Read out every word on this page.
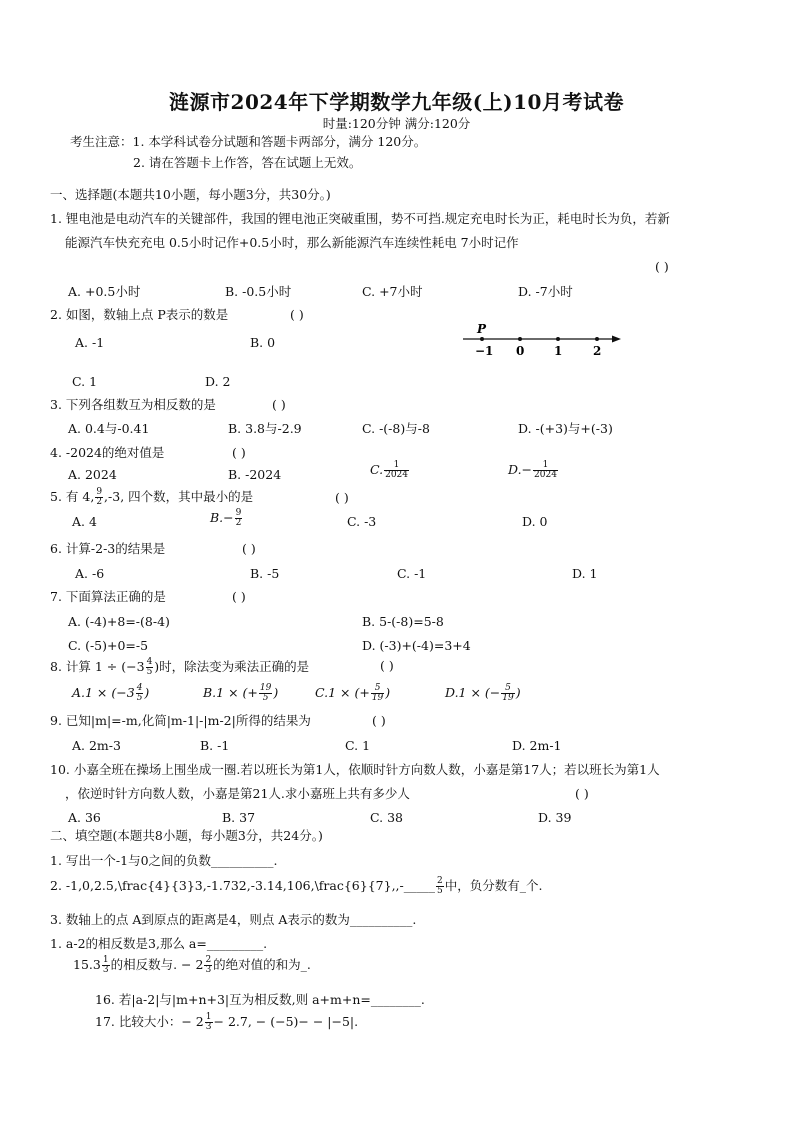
涟源市2024年下学期数学九年级(上)10月考试卷
时量:120分钟 满分:120分
考生注意：1. 本学科试卷分试题和答题卡两部分，满分 120分。
2. 请在答题卡上作答，答在试题上无效。
一、选择题(本题共10小题，每小题3分，共30分。)
1. 锂电池是电动汽车的关键部件，我国的锂电池正突破重围，势不可挡.规定充电时长为正，耗电时长为负，若新
能源汽车快充充电 0.5小时记作+0.5小时，那么新能源汽车连续性耗电 7小时记作
( )
A. +0.5小时	B. -0.5小时	C. +7小时	D. -7小时
2. 如图，数轴上点 P表示的数是	( )
A. -1	B. 0
C. 1	D. 2
P
−1 0 1	2
3. 下列各组数互为相反数的是	( )
A. 0.4与-0.41	B. 3.8与-2.9	C. -(-8)与-8	D. -(+3)与+(-3)
4. -2024的绝对值是	( )
A. 2024	B. -2024	C. $\frac{1}{2024}$	$D.- \frac{1}{2024}$
5. 有 4, $\frac{9}{2} ,-3$, 四个数，其中最小的是	( )
A. 4	$B.- \frac{9}{2}$	C. -3	D. 0
6. 计算-2-3的结果是	( )
A. -6	B. -5	C. -1	D. 1
7. 下面算法正确的是	( )
A. (-4)+8=-(8-4)	B. 5-(-8)=5-8
C. (-5)+0=-5	D. (-3)+(-4)=3+4
8. 计算 $1 \div (-3 \frac{4}{5}$ )时，除法变为乘法正确的是	( )
$A.1 \times (-3 \frac{4}{5}$ )	B.1 × (+ $\frac{19}{5}$ )	C.1 × (+ $\frac{5}{19}$ )	D.1 × (− $\frac{5}{19}$ )
9. 已知|m|=-m,化简|m-1|-|m-2|所得的结果为	( )
A. 2m-3	B. -1	C. 1	D. 2m-1
10. 小嘉全班在操场上围坐成一圈.若以班长为第1人，依顺时针方向数人数，小嘉是第17人；若以班长为第1人
，依逆时针方向数人数，小嘉是第21人.求小嘉班上共有多少人	( )
A. 36	B. 37	C. 38	D. 39
二、填空题(本题共8小题，每小题3分，共24分。)
1. 写出一个-1与0之间的负数__________.
2. -1,0,2.5,\frac{4}{3}3,-1.732,-3.14,106,\frac{6}{7},,-_____ $\frac{2}{5}$ 中，负分数有_个.
3. 数轴上的点 A到原点的距离是4，则点 A表示的数为__________.
1. a-2的相反数是3,那么 a=_________.
$15.3 \frac{1}{3}$ 的相反数与. − $2 \frac{2}{3}$ 的绝对值的和为_.
16. 若|a-2|与|m+n+3|互为相反数,则 a+m+n=________.
17. 比较大小：− $2 \frac{1}{3} - 2.7$, − (−5)− − |−5|.
